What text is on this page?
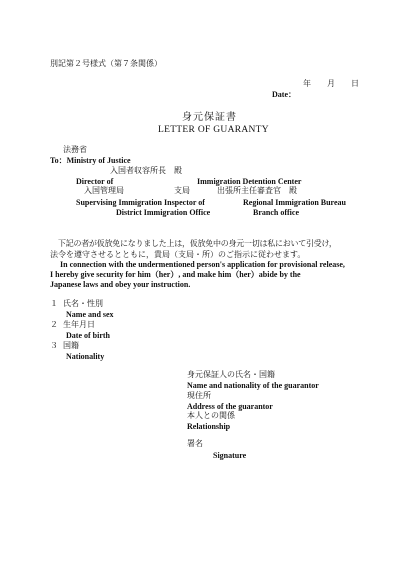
別記第２号様式（第７条関係）
年 月 日
Date：
身元保証書
LETTER OF GUARANTY
法務省
To：Ministry of Justice
入国者収容所長　殿
Director of	Immigration Detention Center
入国管理局	支局	出張所主任審査官　殿
Supervising Immigration Inspector of	Regional Immigration Bureau
District Immigration Office	Branch office
下記の者が仮放免になりました上は，仮放免中の身元一切は私において引受け，
法令を遵守させるとともに，貴局（支局・所）のご指示に従わせます。
In connection with the undermentioned person's application for provisional release,
I hereby give security for him（her）, and make him（her）abide by the
Japanese laws and obey your instruction.
１ 氏名・性別
Name and sex
２ 生年月日
Date of birth
３ 国籍
Nationality
身元保証人の氏名・国籍
Name and nationality of the guarantor
現住所
Address of the guarantor
本人との関係
Relationship
署名
Signature
